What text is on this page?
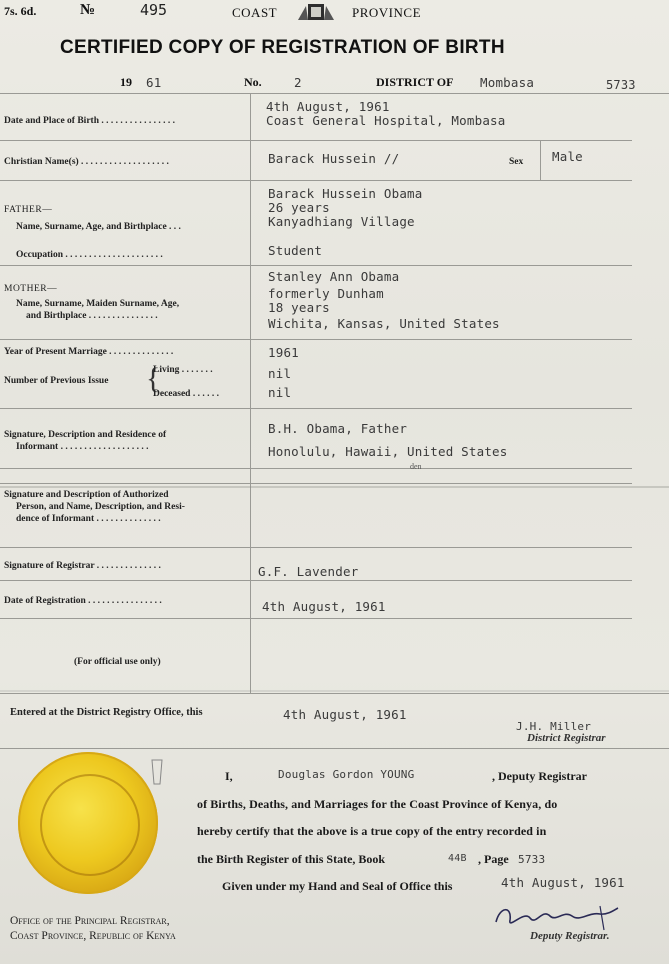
7s. 6d.	№	495	COAST	PROVINCE
CERTIFIED COPY OF REGISTRATION OF BIRTH
19 61	No.	2	DISTRICT OF Mombasa	5733
Date and Place of Birth . . . . . . . . . . . . . . . .
4th August, 1961
Coast General Hospital, Mombasa
Christian Name(s) . . . . . . . . . . . . . . . . . . .	Barack Hussein //	Sex Male
FATHER—
Name, Surname, Age, and Birthplace . . .
Barack Hussein Obama
26 years
Kanyadhiang Village
Occupation . . . . . . . . . . . . . . . . . . . . .	Student
MOTHER—
Name, Surname, Maiden Surname, Age,
and Birthplace . . . . . . . . . . . . . . .
Stanley Ann Obama
formerly Dunham
18 years
Wichita, Kansas, United States
Year of Present Marriage . . . . . . . . . . . . . .	1961
Number of Previous Issue {
Living . . . . . . .	nil
Deceased . . . . . .	nil
Signature, Description and Residence of
Informant . . . . . . . . . . . . . . . . . . .
B.H. Obama, Father
Honolulu, Hawaii, United States
den
Signature and Description of Authorized
Person, and Name, Description, and Resi-
dence of Informant . . . . . . . . . . . . . .
Signature of Registrar . . . . . . . . . . . . . .	G.F. Lavender
Date of Registration . . . . . . . . . . . . . . . .	4th August, 1961
(For official use only)
Entered at the District Registry Office, this	4th August, 1961
J.H. Miller
District Registrar
I,	Douglas Gordon YOUNG	, Deputy Registrar
of Births, Deaths, and Marriages for the Coast Province of Kenya, do
hereby certify that the above is a true copy of the entry recorded in
the Birth Register of this State, Book	44B , Page 5733
Given under my Hand and Seal of Office this	4th August, 1961
Office of the Principal Registrar,
Coast Province, Republic of Kenya	Deputy Registrar.
